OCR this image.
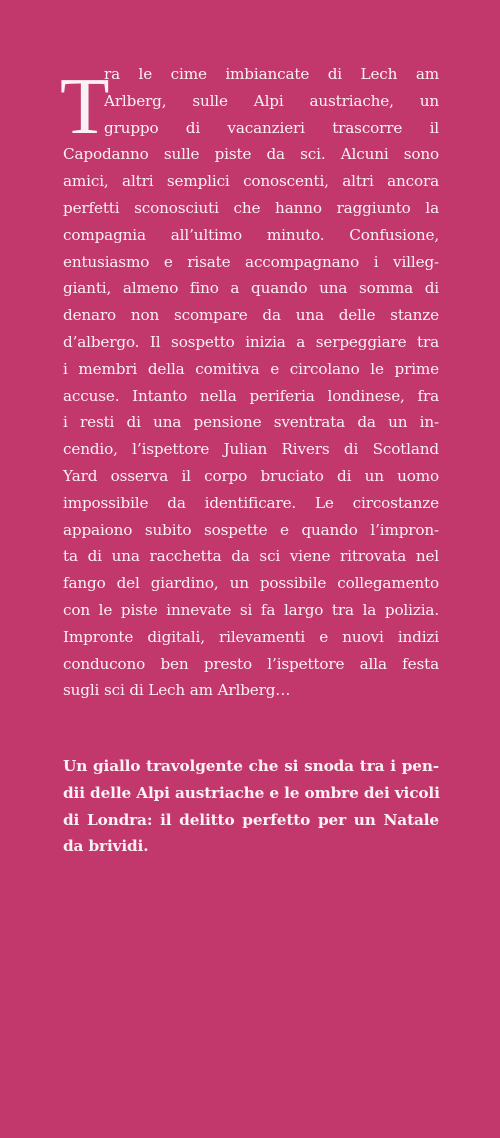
T
ra le cime imbiancate di Lech am
Arlberg, sulle Alpi austriache, un
gruppo di vacanzieri trascorre il
Capodanno sulle piste da sci. Alcuni sono
amici, altri semplici conoscenti, altri ancora
perfetti sconosciuti che hanno raggiunto la
compagnia all’ultimo minuto. Confusione,
entusiasmo e risate accompagnano i villeg-
gianti, almeno fino a quando una somma di
denaro non scompare da una delle stanze
d’albergo. Il sospetto inizia a serpeggiare tra
i membri della comitiva e circolano le prime
accuse. Intanto nella periferia londinese, fra
i resti di una pensione sventrata da un in-
cendio, l’ispettore Julian Rivers di Scotland
Yard osserva il corpo bruciato di un uomo
impossibile da identificare. Le circostanze
appaiono subito sospette e quando l’impron-
ta di una racchetta da sci viene ritrovata nel
fango del giardino, un possibile collegamento
con le piste innevate si fa largo tra la polizia.
Impronte digitali, rilevamenti e nuovi indizi
conducono ben presto l’ispettore alla festa
sugli sci di Lech am Arlberg…
Un giallo travolgente che si snoda tra i pen-
dii delle Alpi austriache e le ombre dei vicoli
di Londra: il delitto perfetto per un Natale
da brividi.
